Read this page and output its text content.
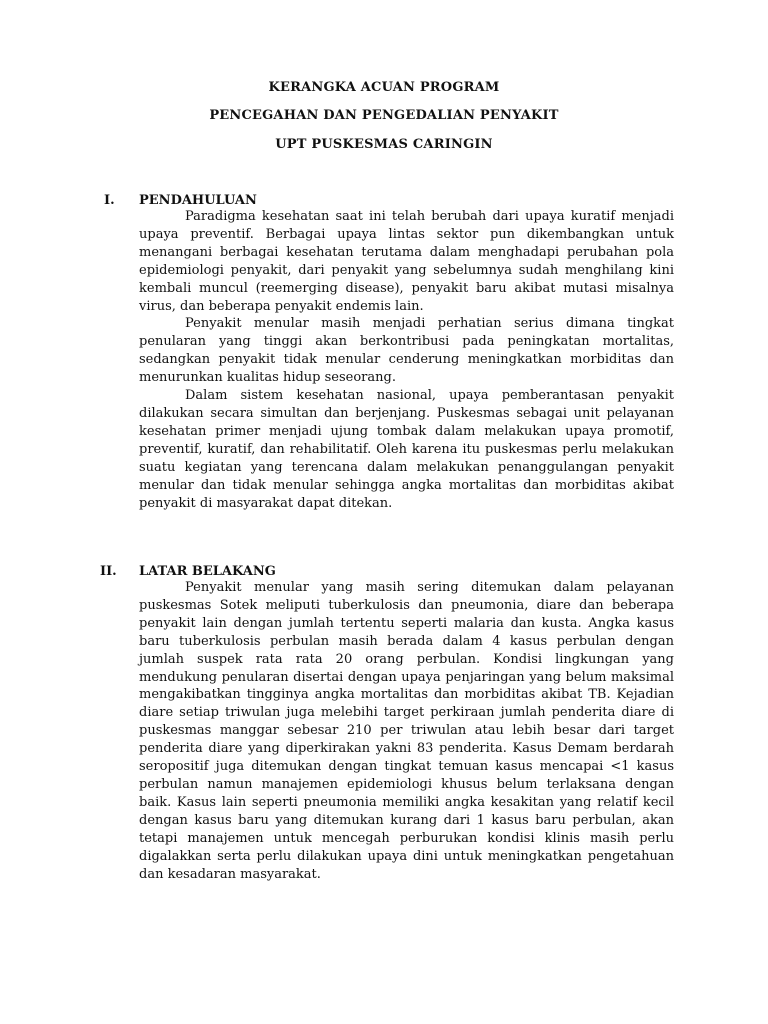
KERANGKA ACUAN PROGRAM
PENCEGAHAN DAN PENGEDALIAN PENYAKIT
UPT PUSKESMAS CARINGIN
I. PENDAHULUAN

Paradigma kesehatan saat ini telah berubah dari upaya kuratif menjadi upaya preventif. Berbagai upaya lintas sektor pun dikembangkan untuk menangani berbagai kesehatan terutama dalam menghadapi perubahan pola epidemiologi penyakit, dari penyakit yang sebelumnya sudah menghilang kini kembali muncul (reemerging disease), penyakit baru akibat mutasi misalnya virus, dan beberapa penyakit endemis lain.

Penyakit menular masih menjadi perhatian serius dimana tingkat penularan yang tinggi akan berkontribusi pada peningkatan mortalitas, sedangkan penyakit tidak menular cenderung meningkatkan morbiditas dan menurunkan kualitas hidup seseorang.

Dalam sistem kesehatan nasional, upaya pemberantasan penyakit dilakukan secara simultan dan berjenjang. Puskesmas sebagai unit pelayanan kesehatan primer menjadi ujung tombak dalam melakukan upaya promotif, preventif, kuratif, dan rehabilitatif. Oleh karena itu puskesmas perlu melakukan suatu kegiatan yang terencana dalam melakukan penanggulangan penyakit menular dan tidak menular sehingga angka mortalitas dan morbiditas akibat penyakit di masyarakat dapat ditekan.

II. LATAR BELAKANG

Penyakit menular yang masih sering ditemukan dalam pelayanan puskesmas Sotek meliputi tuberkulosis dan pneumonia, diare dan beberapa penyakit lain dengan jumlah tertentu seperti malaria dan kusta. Angka kasus baru tuberkulosis perbulan masih berada dalam 4 kasus perbulan dengan jumlah suspek rata rata 20 orang perbulan. Kondisi lingkungan yang mendukung penularan disertai dengan upaya penjaringan yang belum maksimal mengakibatkan tingginya angka mortalitas dan morbiditas akibat TB. Kejadian diare setiap triwulan juga melebihi target perkiraan jumlah penderita diare di puskesmas manggar sebesar 210 per triwulan atau lebih besar dari target penderita diare yang diperkirakan yakni 83 penderita. Kasus Demam berdarah seropositif juga ditemukan dengan tingkat temuan kasus mencapai <1 kasus perbulan namun manajemen epidemiologi khusus belum terlaksana dengan baik. Kasus lain seperti pneumonia memiliki angka kesakitan yang relatif kecil dengan kasus baru yang ditemukan kurang dari 1 kasus baru perbulan, akan tetapi manajemen untuk mencegah perburukan kondisi klinis masih perlu digalakkan serta perlu dilakukan upaya dini untuk meningkatkan pengetahuan dan kesadaran masyarakat.
